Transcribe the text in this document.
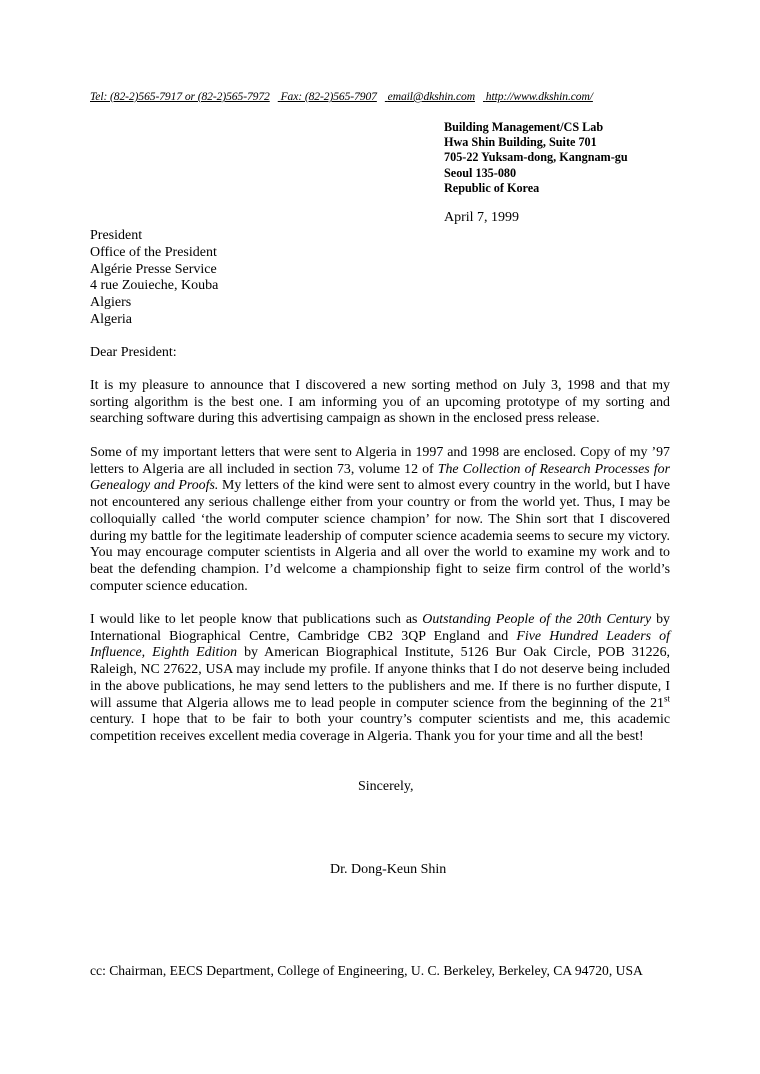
Tel: (82-2)565-7917 or (82-2)565-7972 Fax: (82-2)565-7907 email@dkshin.com http://www.dkshin.com/
Building Management/CS Lab
Hwa Shin Building, Suite 701
705-22 Yuksam-dong, Kangnam-gu
Seoul 135-080
Republic of Korea
April 7, 1999
President
Office of the President
Algérie Presse Service
4 rue Zouieche, Kouba
Algiers
Algeria
Dear President:
It is my pleasure to announce that I discovered a new sorting method on July 3, 1998 and that my sorting algorithm is the best one. I am informing you of an upcoming prototype of my sorting and searching software during this advertising campaign as shown in the enclosed press release.
Some of my important letters that were sent to Algeria in 1997 and 1998 are enclosed. Copy of my ’97 letters to Algeria are all included in section 73, volume 12 of The Collection of Research Processes for Genealogy and Proofs. My letters of the kind were sent to almost every country in the world, but I have not encountered any serious challenge either from your country or from the world yet. Thus, I may be colloquially called ‘the world computer science champion’ for now. The Shin sort that I discovered during my battle for the legitimate leadership of computer science academia seems to secure my victory. You may encourage computer scientists in Algeria and all over the world to examine my work and to beat the defending champion. I’d welcome a championship fight to seize firm control of the world’s computer science education.
I would like to let people know that publications such as Outstanding People of the 20th Century by International Biographical Centre, Cambridge CB2 3QP England and Five Hundred Leaders of Influence, Eighth Edition by American Biographical Institute, 5126 Bur Oak Circle, POB 31226, Raleigh, NC 27622, USA may include my profile. If anyone thinks that I do not deserve being included in the above publications, he may send letters to the publishers and me. If there is no further dispute, I will assume that Algeria allows me to lead people in computer science from the beginning of the 21st century. I hope that to be fair to both your country’s computer scientists and me, this academic competition receives excellent media coverage in Algeria. Thank you for your time and all the best!
Sincerely,
Dr. Dong-Keun Shin
cc: Chairman, EECS Department, College of Engineering, U. C. Berkeley, Berkeley, CA 94720, USA
